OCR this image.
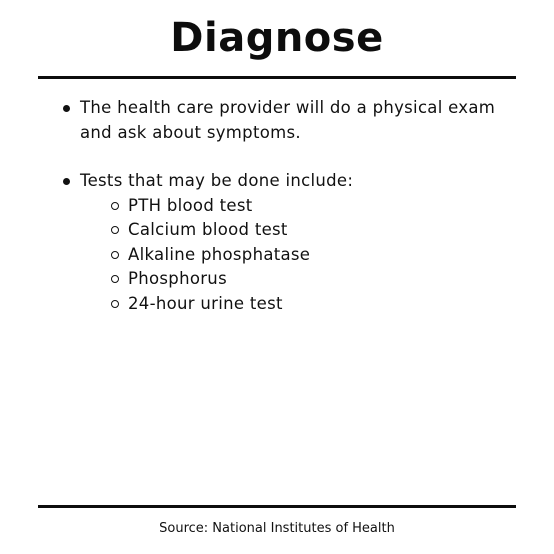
Diagnose
The health care provider will do a physical exam and ask about symptoms.
Tests that may be done include:
PTH blood test
Calcium blood test
Alkaline phosphatase
Phosphorus
24-hour urine test
Source: National Institutes of Health
